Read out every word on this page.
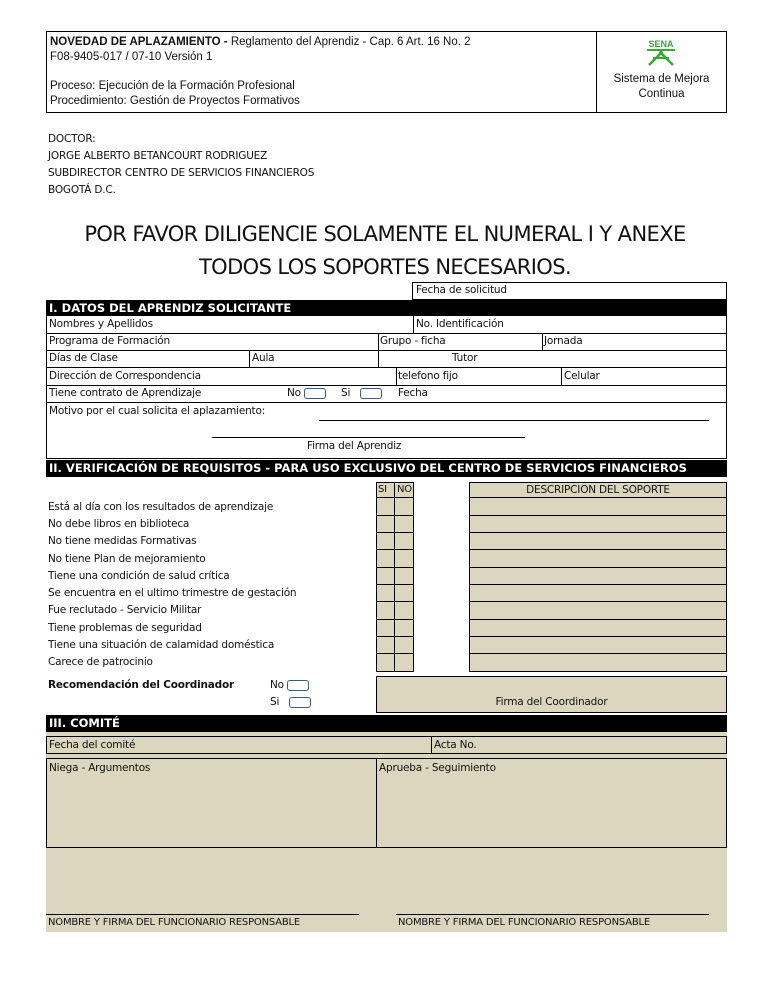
NOVEDAD DE APLAZAMIENTO - Reglamento del Aprendiz - Cap. 6 Art. 16 No. 2
F08-9405-017 / 07-10 Versión 1
Proceso: Ejecución de la Formación Profesional
Procedimiento: Gestión de Proyectos Formativos
SENA
Sistema de Mejora
Continua
DOCTOR:
JORGE ALBERTO BETANCOURT RODRIGUEZ
SUBDIRECTOR CENTRO DE SERVICIOS FINANCIEROS
BOGOTÁ D.C.
POR FAVOR DILIGENCIE SOLAMENTE EL NUMERAL I Y ANEXE
TODOS LOS SOPORTES NECESARIOS.
Fecha de solicitud
I. DATOS DEL APRENDIZ SOLICITANTE
Nombres y Apellidos	No. Identificación
Programa de Formación	Grupo - ficha	Jornada
Días de Clase	Aula	Tutor
Dirección de Correspondencia	telefono fijo	Celular
Tiene contrato de Aprendizaje	No	Si	Fecha
Motivo por el cual solicita el aplazamiento:
Firma del Aprendiz
II. VERIFICACIÓN DE REQUISITOS - PARA USO EXCLUSIVO DEL CENTRO DE SERVICIOS FINANCIEROS
SI NO	DESCRIPCION DEL SOPORTE
Está al día con los resultados de aprendizaje
No debe libros en biblioteca
No tiene medidas Formativas
No tiene Plan de mejoramiento
Tiene una condición de salud crítica
Se encuentra en el ultimo trimestre de gestación
Fue reclutado - Servicio Militar
Tiene problemas de seguridad
Tiene una situación de calamidad doméstica
Carece de patrocinio
Recomendación del Coordinador	No
Si	Firma del Coordinador
III. COMITÉ
Fecha del comité	Acta No.
Niega - Argumentos	Aprueba - Seguimiento
NOMBRE Y FIRMA DEL FUNCIONARIO RESPONSABLE	NOMBRE Y FIRMA DEL FUNCIONARIO RESPONSABLE
